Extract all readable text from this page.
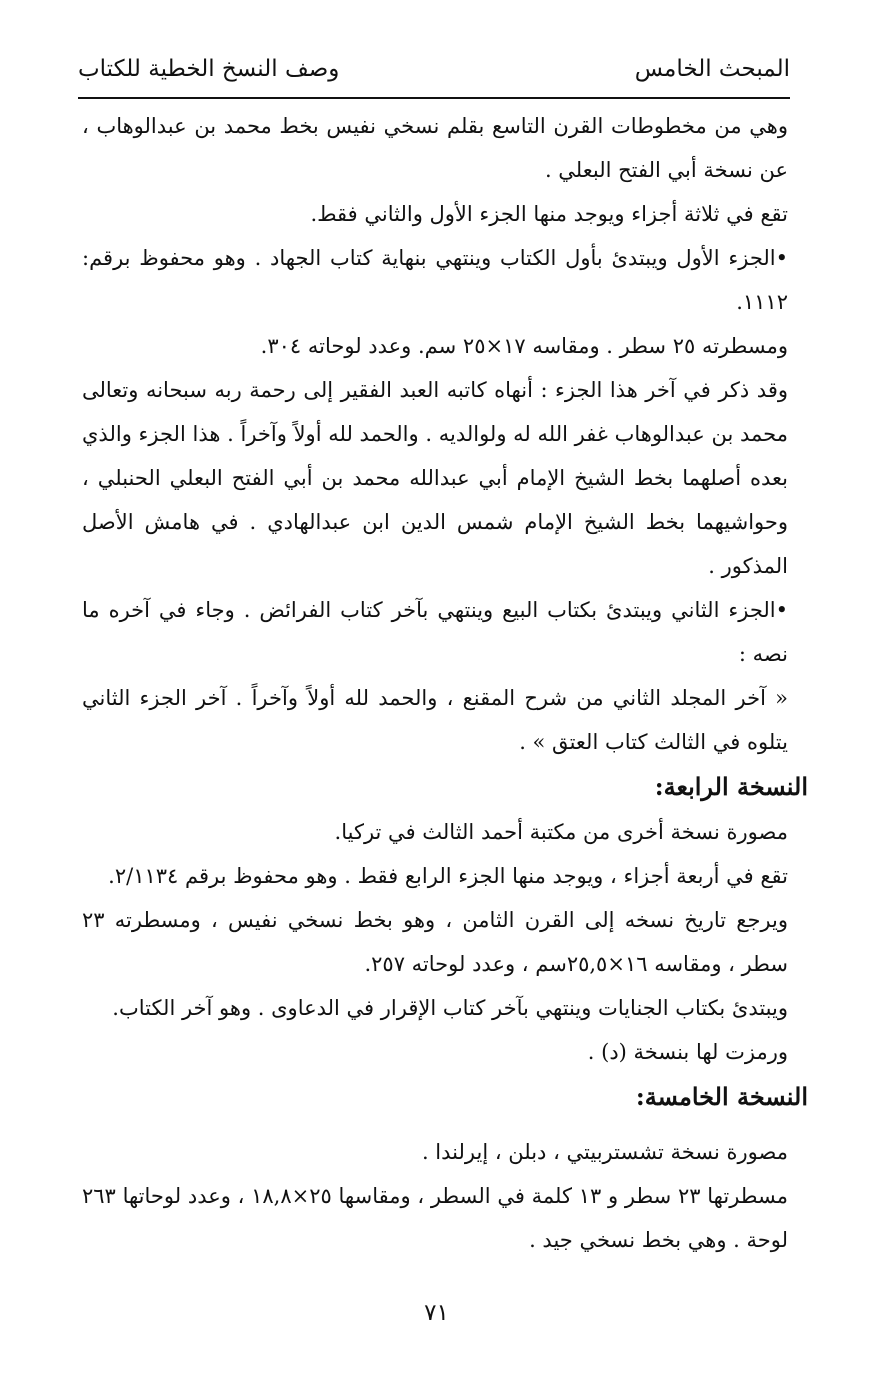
المبحث الخامس
وصف النسخ الخطية للكتاب

وهي من مخطوطات القرن التاسع بقلم نسخي نفيس بخط محمد بن عبدالوهاب ، عن نسخة أبي الفتح البعلي .

تقع في ثلاثة أجزاء ويوجد منها الجزء الأول والثاني فقط.

•الجزء الأول ويبتدئ بأول الكتاب وينتهي بنهاية كتاب الجهاد . وهو محفوظ برقم: ١١١٢.

ومسطرته ٢٥ سطر . ومقاسه ١٧×٢٥ سم. وعدد لوحاته ٣٠٤.

وقد ذكر في آخر هذا الجزء : أنهاه كاتبه العبد الفقير إلى رحمة ربه سبحانه وتعالى محمد بن عبدالوهاب غفر الله له ولوالديه . والحمد لله أولاً وآخراً . هذا الجزء والذي بعده أصلهما بخط الشيخ الإمام أبي عبدالله محمد بن أبي الفتح البعلي الحنبلي ، وحواشيهما بخط الشيخ الإمام شمس الدين ابن عبدالهادي . في هامش الأصل المذكور .

•الجزء الثاني ويبتدئ بكتاب البيع وينتهي بآخر كتاب الفرائض . وجاء في آخره ما نصه :

« آخر المجلد الثاني من شرح المقنع ، والحمد لله أولاً وآخراً . آخر الجزء الثاني يتلوه في الثالث كتاب العتق » .

النسخة الرابعة:

مصورة نسخة أخرى من مكتبة أحمد الثالث في تركيا.

تقع في أربعة أجزاء ، ويوجد منها الجزء الرابع فقط . وهو محفوظ برقم ٢/١١٣٤.

ويرجع تاريخ نسخه إلى القرن الثامن ، وهو بخط نسخي نفيس ، ومسطرته ٢٣ سطر ، ومقاسه ١٦×٢٥,٥سم ، وعدد لوحاته ٢٥٧.

ويبتدئ بكتاب الجنايات وينتهي بآخر كتاب الإقرار في الدعاوى . وهو آخر الكتاب.

ورمزت لها بنسخة (د) .

النسخة الخامسة:

مصورة نسخة تشستربيتي ، دبلن ، إيرلندا .

مسطرتها ٢٣ سطر و ١٣ كلمة في السطر ، ومقاسها ٢٥×١٨,٨ ، وعدد لوحاتها ٢٦٣ لوحة . وهي بخط نسخي جيد .

٧١
